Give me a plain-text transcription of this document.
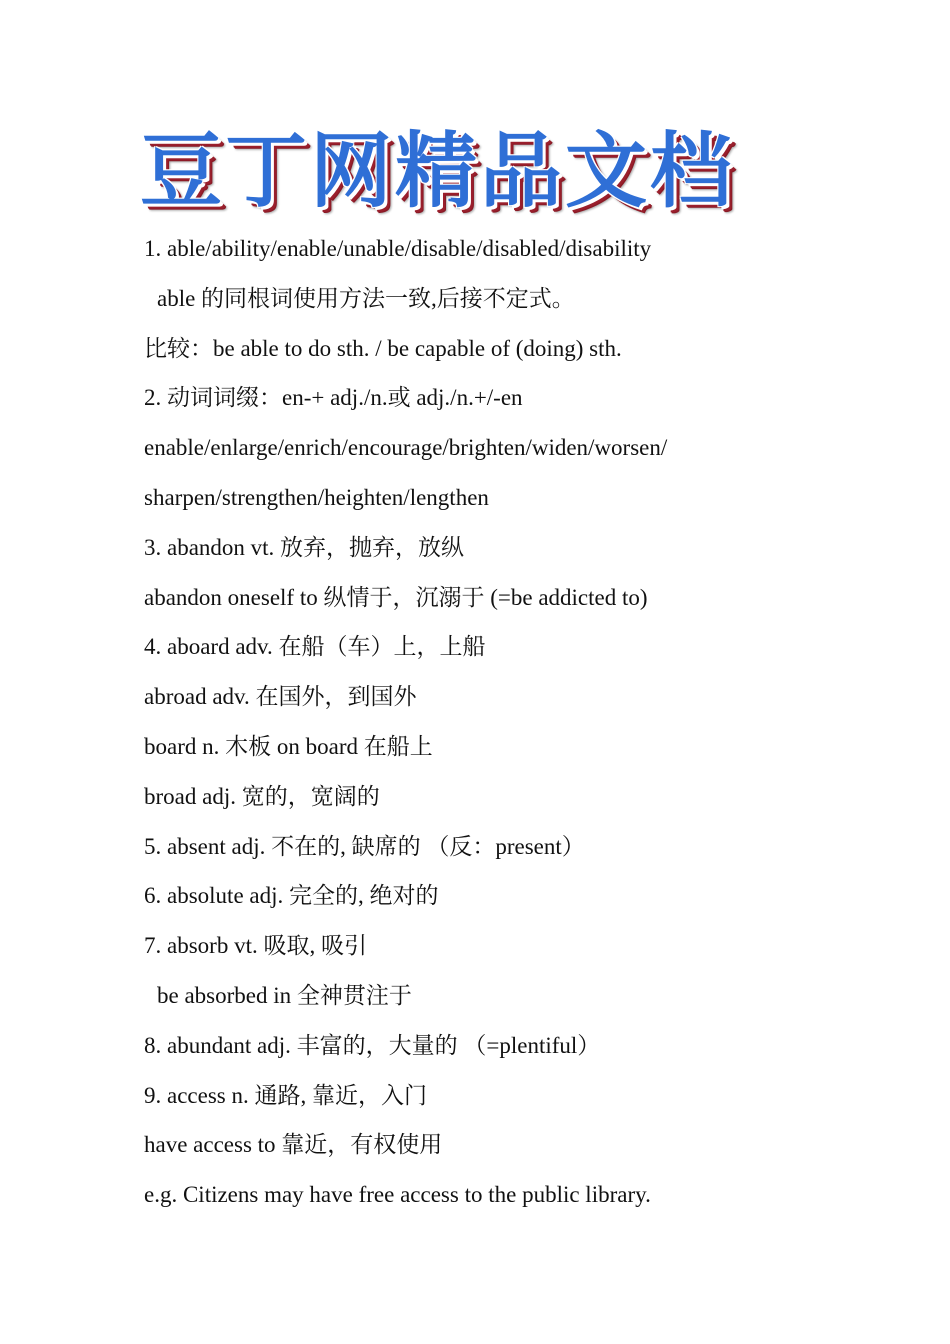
豆丁网精品文档
1. able/ability/enable/unable/disable/disabled/disability
able 的同根词使用方法一致,后接不定式。
比较：be able to do sth. / be capable of (doing) sth.
2. 动词词缀：en-+ adj./n.或 adj./n.+/-en
enable/enlarge/enrich/encourage/brighten/widen/worsen/
sharpen/strengthen/heighten/lengthen
3. abandon vt. 放弃，抛弃，放纵
abandon oneself to 纵情于，沉溺于 (=be addicted to)
4. aboard adv. 在船（车）上，上船
abroad adv. 在国外，到国外
board n. 木板 on board 在船上
broad adj. 宽的，宽阔的
5. absent adj. 不在的, 缺席的 （反：present）
6. absolute adj. 完全的, 绝对的
7. absorb vt. 吸取, 吸引
be absorbed in 全神贯注于
8. abundant adj. 丰富的，大量的 （=plentiful）
9. access n. 通路, 靠近，入门
have access to 靠近，有权使用
e.g. Citizens may have free access to the public library.
